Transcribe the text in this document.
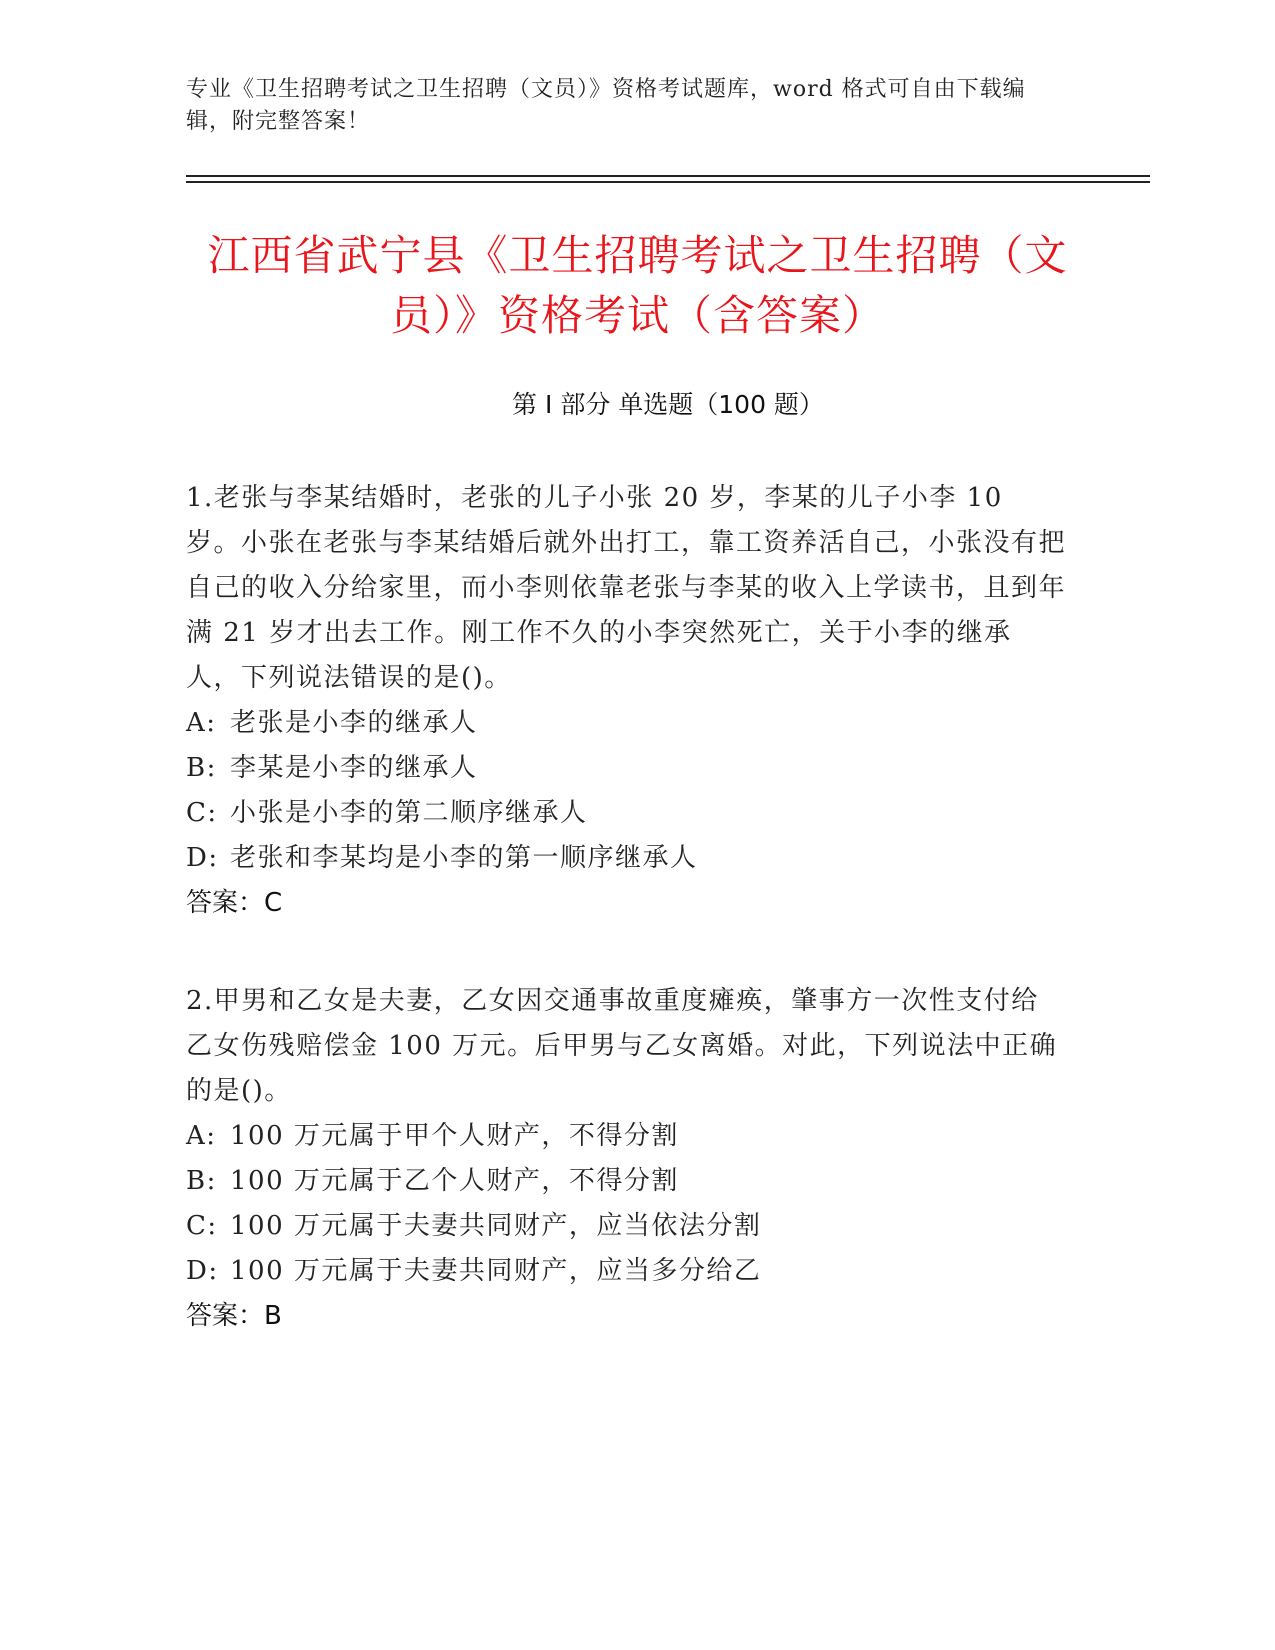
专业《卫生招聘考试之卫生招聘（文员）》资格考试题库，word 格式可自由下载编辑，附完整答案！
江西省武宁县《卫生招聘考试之卫生招聘（文员）》资格考试（含答案）
第 I 部分 单选题（100 题）

1.老张与李某结婚时，老张的儿子小张 20 岁，李某的儿子小李 10 岁。小张在老张与李某结婚后就外出打工，靠工资养活自己，小张没有把自己的收入分给家里，而小李则依靠老张与李某的收入上学读书，且到年满 21 岁才出去工作。刚工作不久的小李突然死亡，关于小李的继承人，下列说法错误的是()。

A: 老张是小李的继承人

B: 李某是小李的继承人

C: 小张是小李的第二顺序继承人

D: 老张和李某均是小李的第一顺序继承人

答案：C

2.甲男和乙女是夫妻，乙女因交通事故重度瘫痪，肇事方一次性支付给乙女伤残赔偿金 100 万元。后甲男与乙女离婚。对此，下列说法中正确的是()。

A: 100 万元属于甲个人财产，不得分割

B: 100 万元属于乙个人财产，不得分割

C: 100 万元属于夫妻共同财产，应当依法分割

D: 100 万元属于夫妻共同财产，应当多分给乙

答案：B
